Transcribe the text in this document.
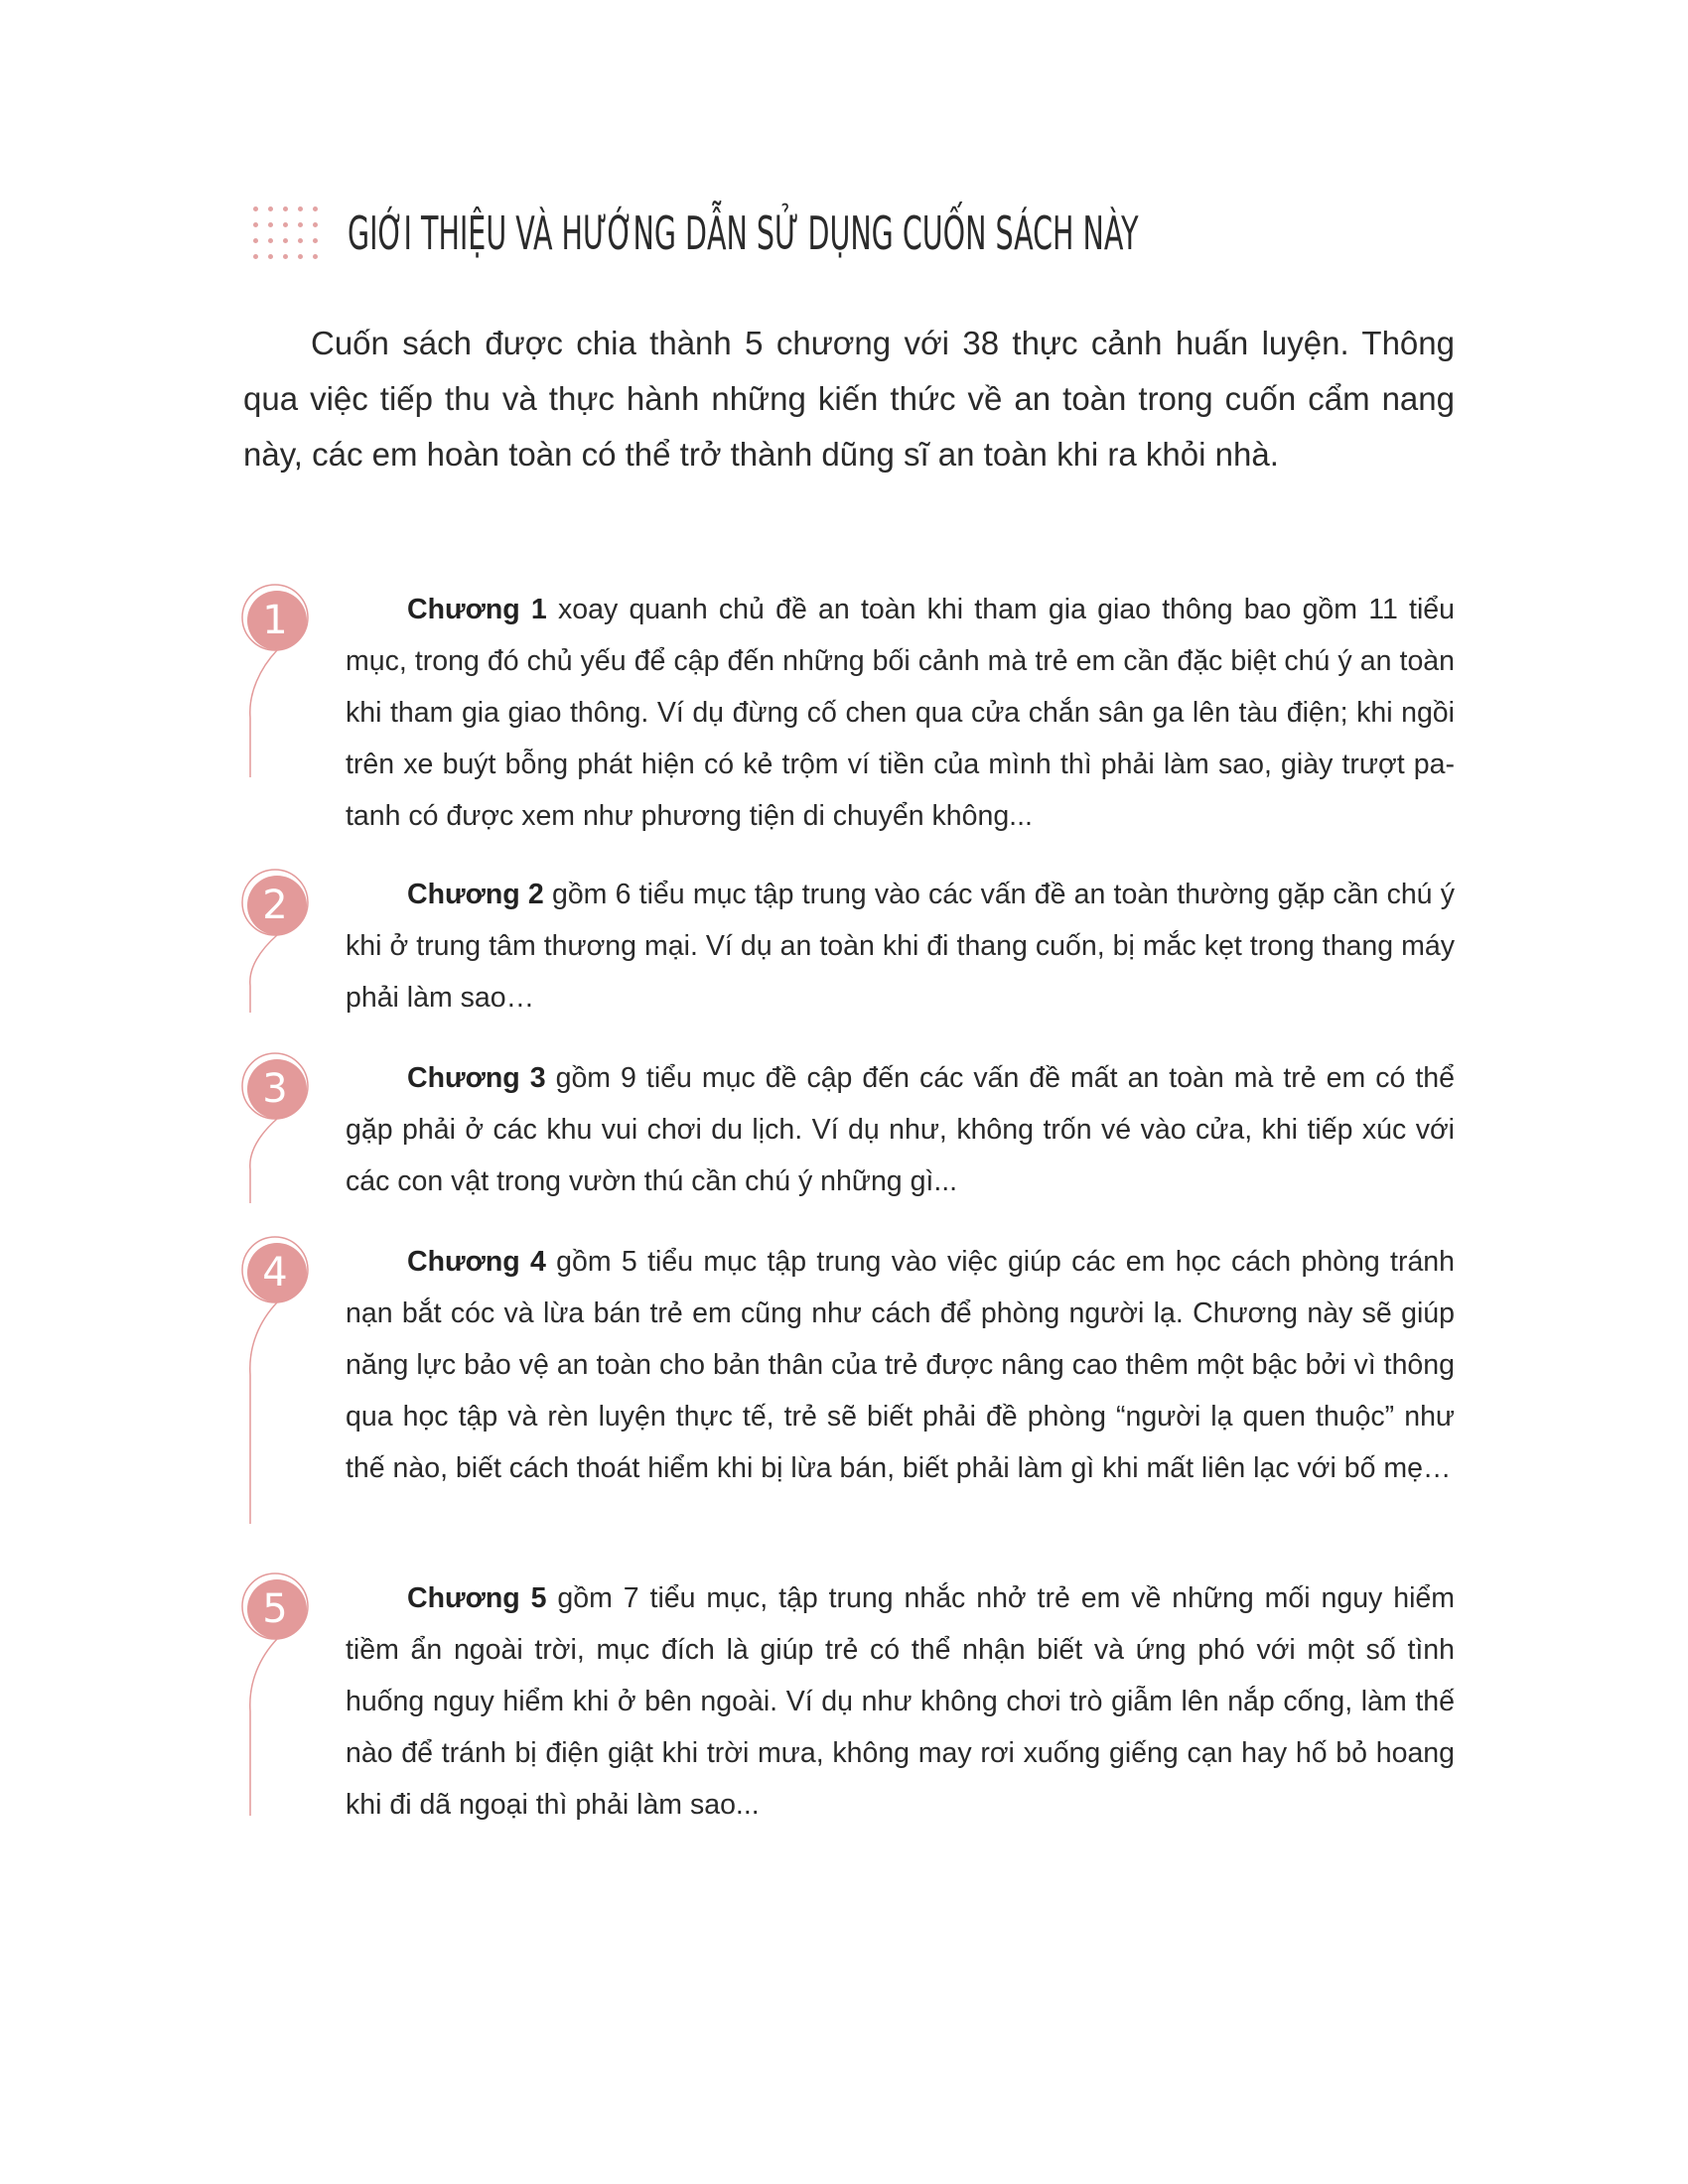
GIỚI THIỆU VÀ HƯỚNG DẪN SỬ DỤNG CUỐN SÁCH NÀY

Cuốn sách được chia thành 5 chương với 38 thực cảnh huấn luyện. Thông qua việc tiếp thu và thực hành những kiến thức về an toàn trong cuốn cẩm nang này, các em hoàn toàn có thể trở thành dũng sĩ an toàn khi ra khỏi nhà.

1	Chương 1 xoay quanh chủ đề an toàn khi tham gia giao thông bao gồm 11 tiểu mục, trong đó chủ yếu để cập đến những bối cảnh mà trẻ em cần đặc biệt chú ý an toàn khi tham gia giao thông. Ví dụ đừng cố chen qua cửa chắn sân ga lên tàu điện; khi ngồi trên xe buýt bỗng phát hiện có kẻ trộm ví tiền của mình thì phải làm sao, giày trượt pa-tanh có được xem như phương tiện di chuyển không...

2	Chương 2 gồm 6 tiểu mục tập trung vào các vấn đề an toàn thường gặp cần chú ý khi ở trung tâm thương mại. Ví dụ an toàn khi đi thang cuốn, bị mắc kẹt trong thang máy phải làm sao…

3	Chương 3 gồm 9 tiểu mục đề cập đến các vấn đề mất an toàn mà trẻ em có thể gặp phải ở các khu vui chơi du lịch. Ví dụ như, không trốn vé vào cửa, khi tiếp xúc với các con vật trong vườn thú cần chú ý những gì...

4	Chương 4 gồm 5 tiểu mục tập trung vào việc giúp các em học cách phòng tránh nạn bắt cóc và lừa bán trẻ em cũng như cách để phòng người lạ. Chương này sẽ giúp năng lực bảo vệ an toàn cho bản thân của trẻ được nâng cao thêm một bậc bởi vì thông qua học tập và rèn luyện thực tế, trẻ sẽ biết phải đề phòng “người lạ quen thuộc” như thế nào, biết cách thoát hiểm khi bị lừa bán, biết phải làm gì khi mất liên lạc với bố mẹ…

5	Chương 5 gồm 7 tiểu mục, tập trung nhắc nhở trẻ em về những mối nguy hiểm tiềm ẩn ngoài trời, mục đích là giúp trẻ có thể nhận biết và ứng phó với một số tình huống nguy hiểm khi ở bên ngoài. Ví dụ như không chơi trò giẫm lên nắp cống, làm thế nào để tránh bị điện giật khi trời mưa, không may rơi xuống giếng cạn hay hố bỏ hoang khi đi dã ngoại thì phải làm sao...
